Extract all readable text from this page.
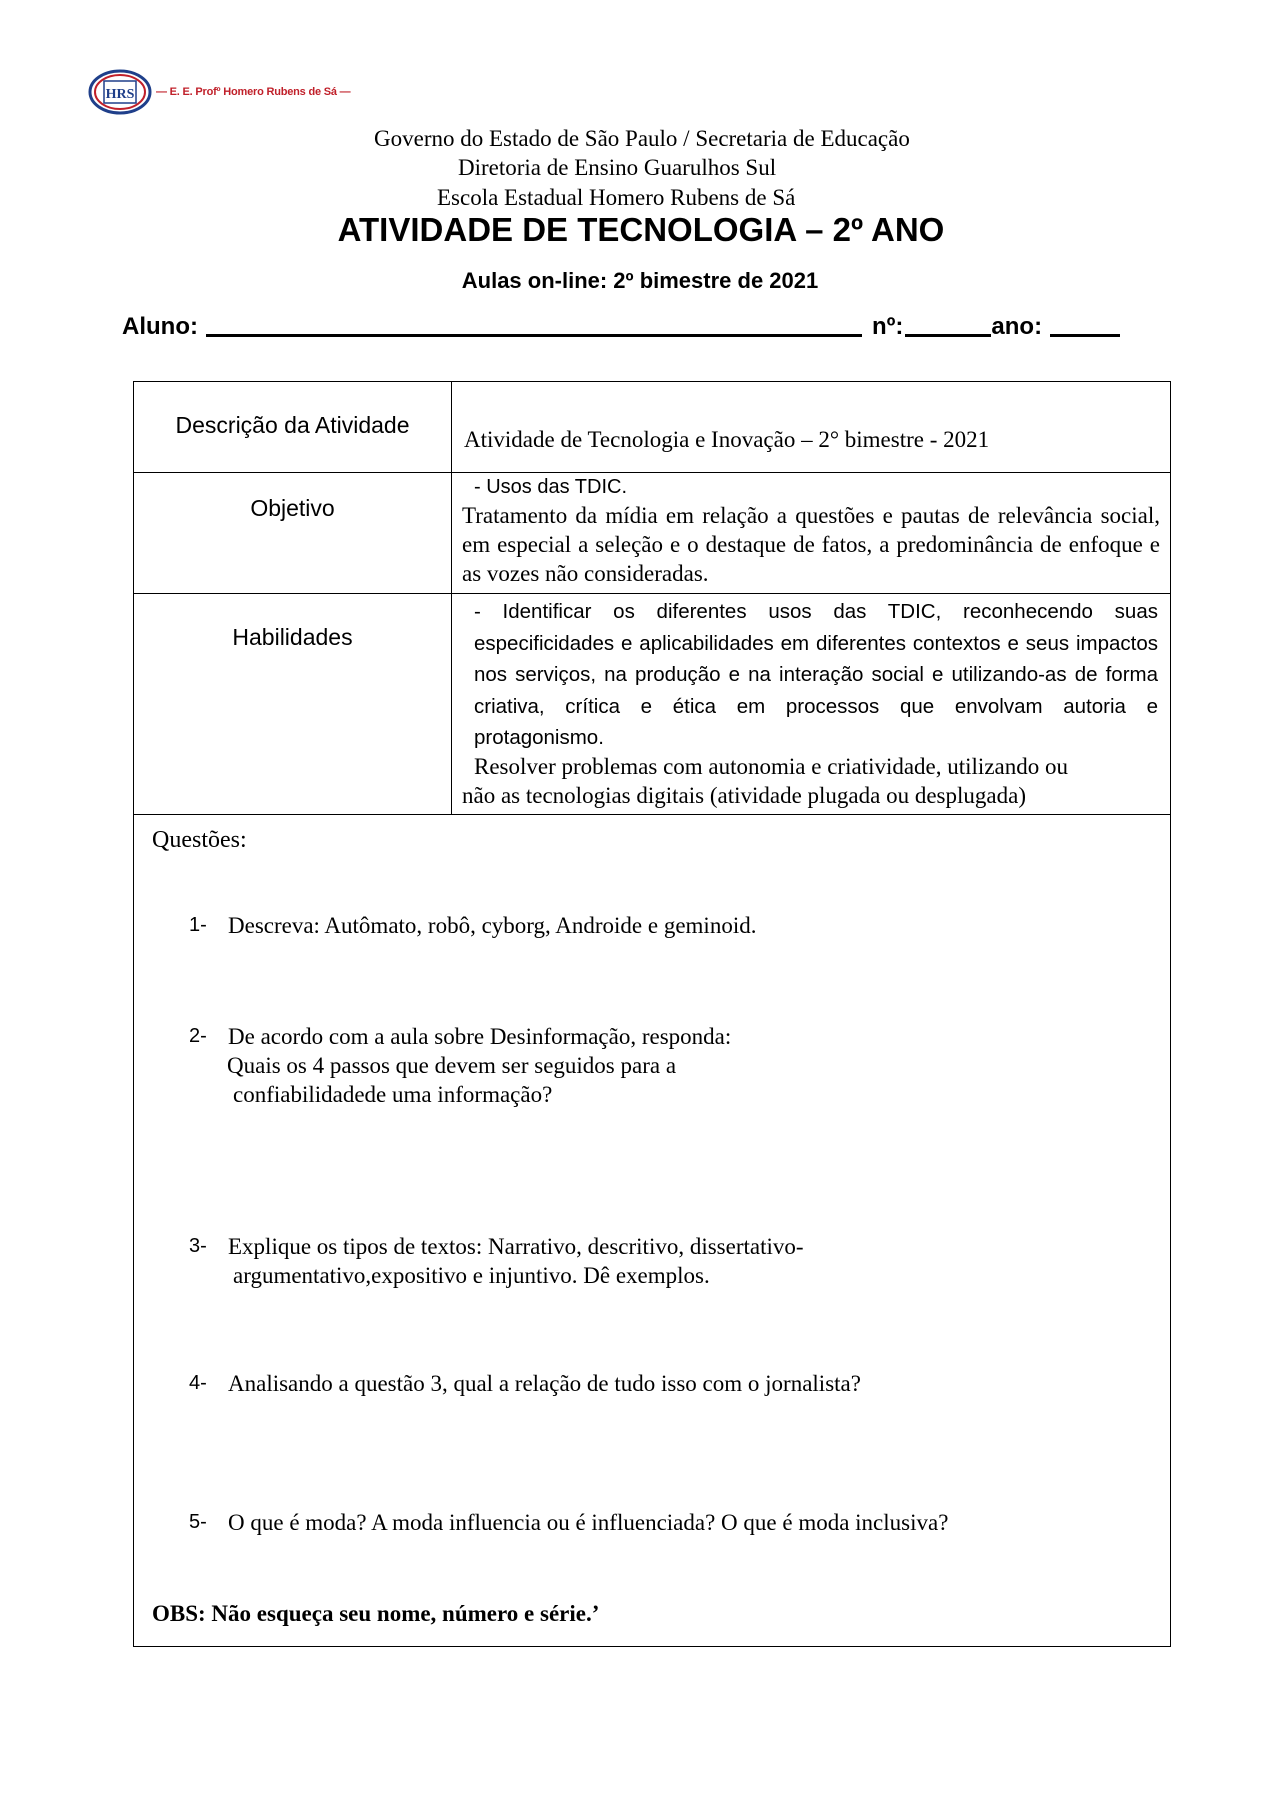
HRS — E. E. Profº Homero Rubens de Sá —
Governo do Estado de São Paulo / Secretaria de Educação
Diretoria de Ensino Guarulhos Sul
Escola Estadual Homero Rubens de Sá
ATIVIDADE DE TECNOLOGIA – 2º ANO
Aulas on-line: 2º bimestre de 2021
Aluno:	nº:	ano:
Descrição da Atividade
Atividade de Tecnologia e Inovação – 2° bimestre - 2021
Objetivo
- Usos das TDIC.
Tratamento da mídia em relação a questões e pautas de relevância social, em especial a seleção e o destaque de fatos, a predominância de enfoque e as vozes não consideradas.
Habilidades
- Identificar os diferentes usos das TDIC, reconhecendo suas especificidades e aplicabilidades em diferentes contextos e seus impactos nos serviços, na produção e na interação social e utilizando-as de forma criativa, crítica e ética em processos que envolvam autoria e protagonismo.
Resolver problemas com autonomia e criatividade, utilizando ou
não as tecnologias digitais (atividade plugada ou desplugada)
Questões:
1- Descreva: Autômato, robô, cyborg, Androide e geminoid.
2- De acordo com a aula sobre Desinformação, responda:
Quais os 4 passos que devem ser seguidos para a
confiabilidadede uma informação?
3- Explique os tipos de textos: Narrativo, descritivo, dissertativo-
argumentativo,expositivo e injuntivo. Dê exemplos.
4- Analisando a questão 3, qual a relação de tudo isso com o jornalista?
5- O que é moda? A moda influencia ou é influenciada? O que é moda inclusiva?
OBS: Não esqueça seu nome, número e série.’
